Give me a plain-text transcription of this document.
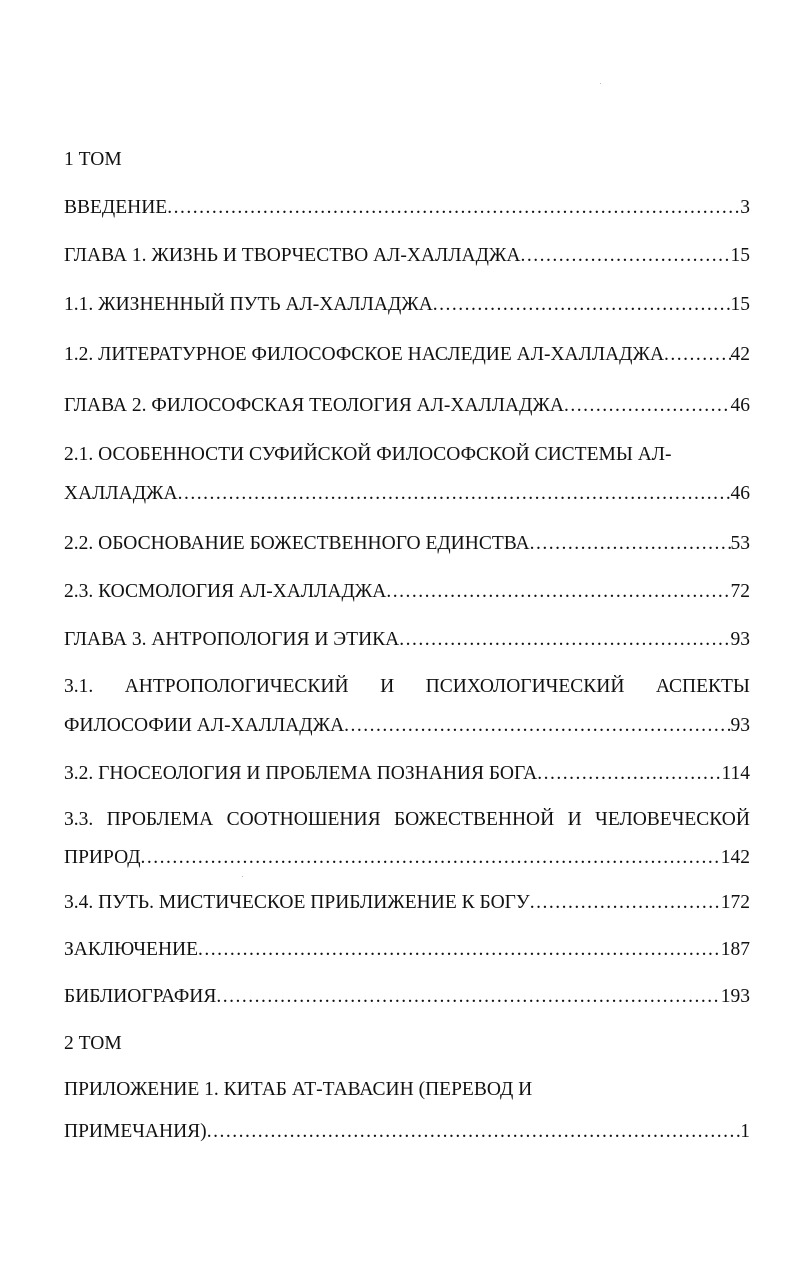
1 ТОМ
ВВЕДЕНИЕ .....	3
ГЛАВА 1. ЖИЗНЬ И ТВОРЧЕСТВО АЛ-ХАЛЛАДЖА .....	15
1.1. ЖИЗНЕННЫЙ ПУТЬ АЛ-ХАЛЛАДЖА .....	15
1.2. ЛИТЕРАТУРНОЕ ФИЛОСОФСКОЕ НАСЛЕДИЕ АЛ-ХАЛЛАДЖА .....	42
ГЛАВА 2. ФИЛОСОФСКАЯ ТЕОЛОГИЯ АЛ-ХАЛЛАДЖА .....	46
2.1. ОСОБЕННОСТИ СУФИЙСКОЙ ФИЛОСОФСКОЙ СИСТЕМЫ АЛ-
ХАЛЛАДЖА .....	46
2.2. ОБОСНОВАНИЕ БОЖЕСТВЕННОГО ЕДИНСТВА .....	53
2.3. КОСМОЛОГИЯ АЛ-ХАЛЛАДЖА .....	72
ГЛАВА 3. АНТРОПОЛОГИЯ И ЭТИКА .....	93
3.1. АНТРОПОЛОГИЧЕСКИЙ И ПСИХОЛОГИЧЕСКИЙ АСПЕКТЫ
ФИЛОСОФИИ АЛ-ХАЛЛАДЖА .....	93
3.2. ГНОСЕОЛОГИЯ И ПРОБЛЕМА ПОЗНАНИЯ БОГА .....	114
3.3. ПРОБЛЕМА СООТНОШЕНИЯ БОЖЕСТВЕННОЙ И ЧЕЛОВЕЧЕСКОЙ
ПРИРОД .....	142
3.4. ПУТЬ. МИСТИЧЕСКОЕ ПРИБЛИЖЕНИЕ К БОГУ .....	172
ЗАКЛЮЧЕНИЕ .....	187
БИБЛИОГРАФИЯ .....	193
2 ТОМ
ПРИЛОЖЕНИЕ 1. КИТАБ АТ-ТАВАСИН (ПЕРЕВОД И
ПРИМЕЧАНИЯ) .....	1
